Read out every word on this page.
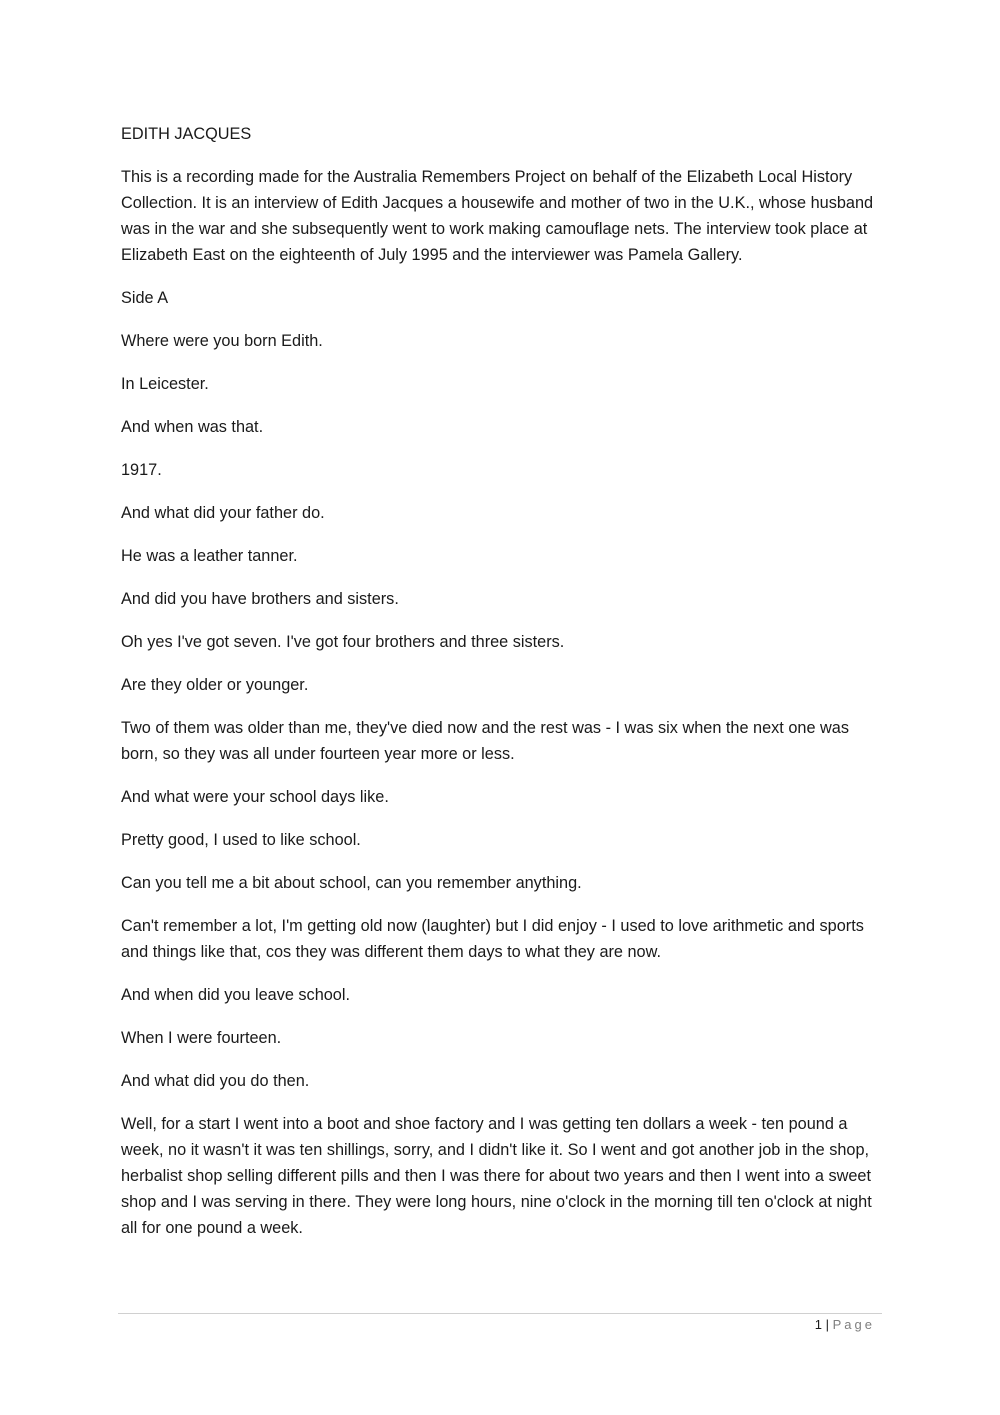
EDITH JACQUES

This is a recording made for the Australia Remembers Project on behalf of the Elizabeth Local History Collection. It is an interview of Edith Jacques a housewife and mother of two in the U.K., whose husband was in the war and she subsequently went to work making camouflage nets. The interview took place at Elizabeth East on the eighteenth of July 1995 and the interviewer was Pamela Gallery.

Side A

Where were you born Edith.

In Leicester.

And when was that.

1917.

And what did your father do.

He was a leather tanner.

And did you have brothers and sisters.

Oh yes I've got seven. I've got four brothers and three sisters.

Are they older or younger.

Two of them was older than me, they've died now and the rest was - I was six when the next one was born, so they was all under fourteen year more or less.

And what were your school days like.

Pretty good, I used to like school.

Can you tell me a bit about school, can you remember anything.

Can't remember a lot, I'm getting old now (laughter) but I did enjoy - I used to love arithmetic and sports and things like that, cos they was different them days to what they are now.

And when did you leave school.

When I were fourteen.

And what did you do then.

Well, for a start I went into a boot and shoe factory and I was getting ten dollars a week - ten pound a week, no it wasn't it was ten shillings, sorry, and I didn't like it. So I went and got another job in the shop, herbalist shop selling different pills and then I was there for about two years and then I went into a sweet shop and I was serving in there. They were long hours, nine o'clock in the morning till ten o'clock at night all for one pound a week.

1 | Page
